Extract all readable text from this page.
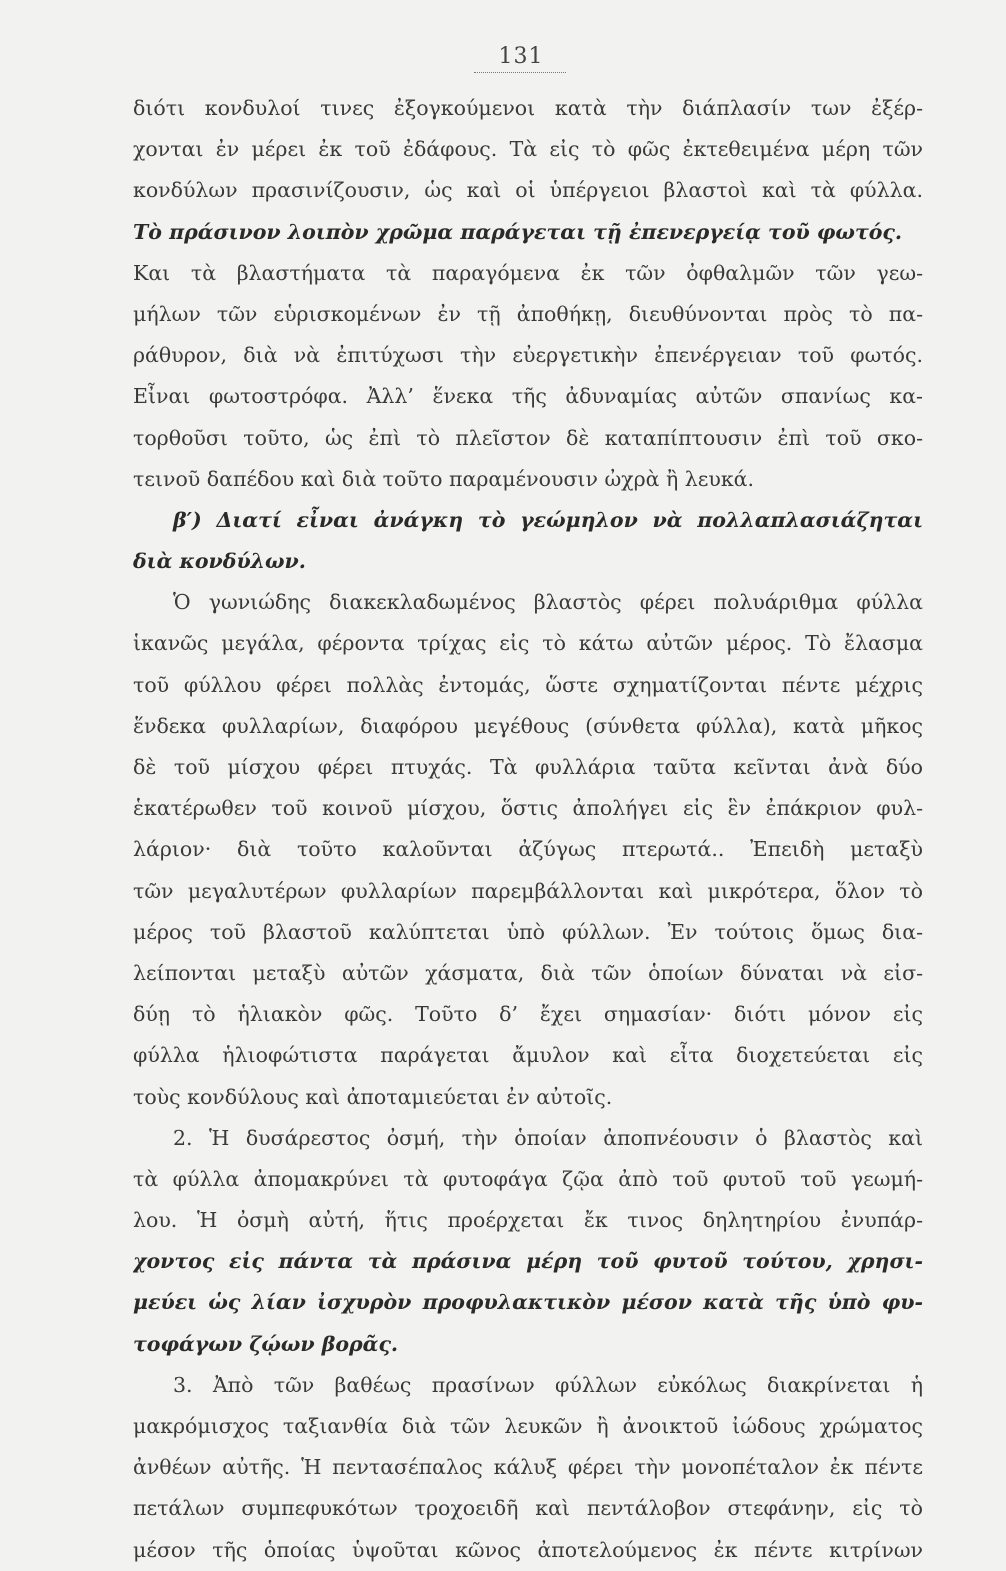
131
διότι κονδυλοί τινες ἐξογκούμενοι κατὰ τὴν διάπλασίν των ἐξέρ-
χονται ἐν μέρει ἐκ τοῦ ἐδάφους. Τὰ εἰς τὸ φῶς ἐκτεθειμένα μέρη τῶν
κονδύλων πρασινίζουσιν, ὡς καὶ οἱ ὑπέργειοι βλαστοὶ καὶ τὰ φύλλα.
Τὸ πράσινον λοιπὸν χρῶμα παράγεται τῇ ἐπενεργείᾳ τοῦ φωτός.
Και τὰ βλαστήματα τὰ παραγόμενα ἐκ τῶν ὀφθαλμῶν τῶν γεω-
μήλων τῶν εὑρισκομένων ἐν τῇ ἀποθήκῃ, διευθύνονται πρὸς τὸ πα-
ράθυρον, διὰ νὰ ἐπιτύχωσι τὴν εὐεργετικὴν ἐπενέργειαν τοῦ φωτός.
Εἶναι φωτοστρόφα. Ἀλλ’ ἕνεκα τῆς ἀδυναμίας αὐτῶν σπανίως κα-
τορθοῦσι τοῦτο, ὡς ἐπὶ τὸ πλεῖστον δὲ καταπίπτουσιν ἐπὶ τοῦ σκο-
τεινοῦ δαπέδου καὶ διὰ τοῦτο παραμένουσιν ὠχρὰ ἢ λευκά.
β′) Διατί εἶναι ἀνάγκη τὸ γεώμηλον νὰ πολλαπλασιάζηται
διὰ κονδύλων.
Ὁ γωνιώδης διακεκλαδωμένος βλαστὸς φέρει πολυάριθμα φύλλα
ἱκανῶς μεγάλα, φέροντα τρίχας εἰς τὸ κάτω αὐτῶν μέρος. Τὸ ἔλασμα
τοῦ φύλλου φέρει πολλὰς ἐντομάς, ὥστε σχηματίζονται πέντε μέχρις
ἕνδεκα φυλλαρίων, διαφόρου μεγέθους (σύνθετα φύλλα), κατὰ μῆκος
δὲ τοῦ μίσχου φέρει πτυχάς. Τὰ φυλλάρια ταῦτα κεῖνται ἀνὰ δύο
ἑκατέρωθεν τοῦ κοινοῦ μίσχου, ὅστις ἀπολήγει εἰς ἓν ἐπάκριον φυλ-
λάριον· διὰ τοῦτο καλοῦνται ἀζύγως πτερωτά.. Ἐπειδὴ μεταξὺ
τῶν μεγαλυτέρων φυλλαρίων παρεμβάλλονται καὶ μικρότερα, ὅλον τὸ
μέρος τοῦ βλαστοῦ καλύπτεται ὑπὸ φύλλων. Ἐν τούτοις ὅμως δια-
λείπονται μεταξὺ αὐτῶν χάσματα, διὰ τῶν ὁποίων δύναται νὰ εἰσ-
δύῃ τὸ ἡλιακὸν φῶς. Τοῦτο δ’ ἔχει σημασίαν· διότι μόνον εἰς
φύλλα ἡλιοφώτιστα παράγεται ἄμυλον καὶ εἶτα διοχετεύεται εἰς
τοὺς κονδύλους καὶ ἀποταμιεύεται ἐν αὐτοῖς.
2. Ἡ δυσάρεστος ὀσμή, τὴν ὁποίαν ἀποπνέουσιν ὁ βλαστὸς καὶ
τὰ φύλλα ἀπομακρύνει τὰ φυτοφάγα ζῷα ἀπὸ τοῦ φυτοῦ τοῦ γεωμή-
λου. Ἡ ὀσμὴ αὐτή, ἥτις προέρχεται ἔκ τινος δηλητηρίου ἐνυπάρ-
χοντος εἰς πάντα τὰ πράσινα μέρη τοῦ φυτοῦ τούτου, χρησι-
μεύει ὡς λίαν ἰσχυρὸν προφυλακτικὸν μέσον κατὰ τῆς ὑπὸ φυ-
τοφάγων ζῴων βορᾶς.
3. Ἀπὸ τῶν βαθέως πρασίνων φύλλων εὐκόλως διακρίνεται ἡ
μακρόμισχος ταξιανθία διὰ τῶν λευκῶν ἢ ἀνοικτοῦ ἰώδους χρώματος
ἀνθέων αὐτῆς. Ἡ πεντασέπαλος κάλυξ φέρει τὴν μονοπέταλον ἐκ πέντε
πετάλων συμπεφυκότων τροχοειδῆ καὶ πεντάλοβον στεφάνην, εἰς τὸ
μέσον τῆς ὁποίας ὑψοῦται κῶνος ἀποτελούμενος ἐκ πέντε κιτρίνων
